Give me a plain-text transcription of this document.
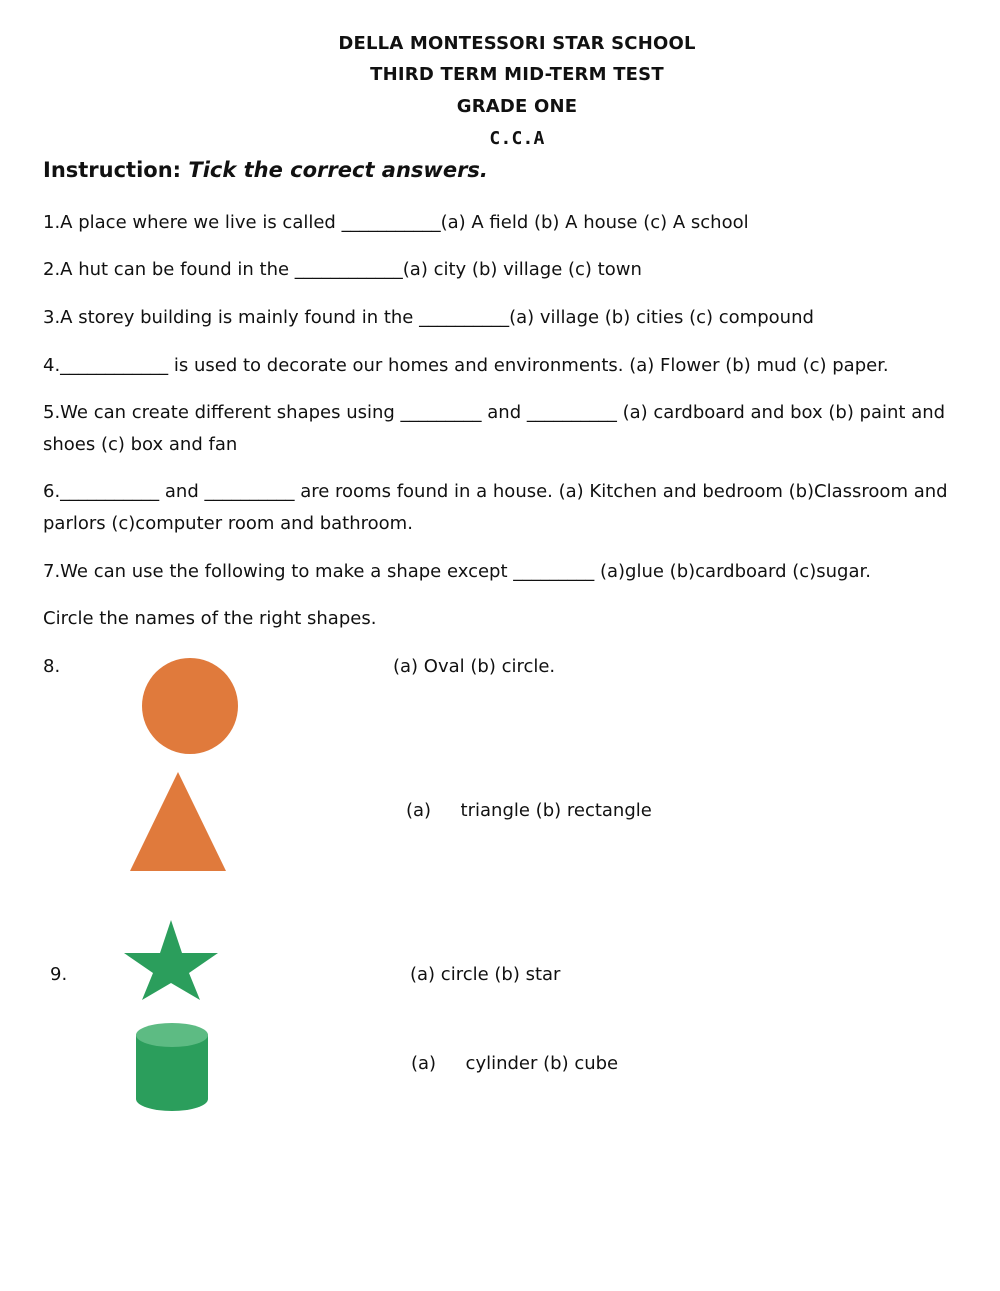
DELLA MONTESSORI STAR SCHOOL
THIRD TERM MID-TERM TEST
GRADE ONE
C.C.A
Instruction: Tick the correct answers.
1.A place where we live is called ___________(a) A field (b) A house (c) A school
2.A hut can be found in the ____________(a) city (b) village (c) town
3.A storey building is mainly found in the __________(a) village (b) cities (c) compound
4.____________ is used to decorate our homes and environments. (a) Flower (b) mud (c) paper.
5.We can create different shapes using _________ and __________ (a) cardboard and box (b) paint and shoes (c) box and fan
6.___________ and __________ are rooms found in a house. (a) Kitchen and bedroom (b)Classroom and parlors (c)computer room and bathroom.
7.We can use the following to make a shape except _________ (a)glue (b)cardboard (c)sugar.
Circle the names of the right shapes.
8.	(a) Oval (b) circle.
(a) triangle (b) rectangle
9.	(a) circle (b) star
(a) cylinder (b) cube
